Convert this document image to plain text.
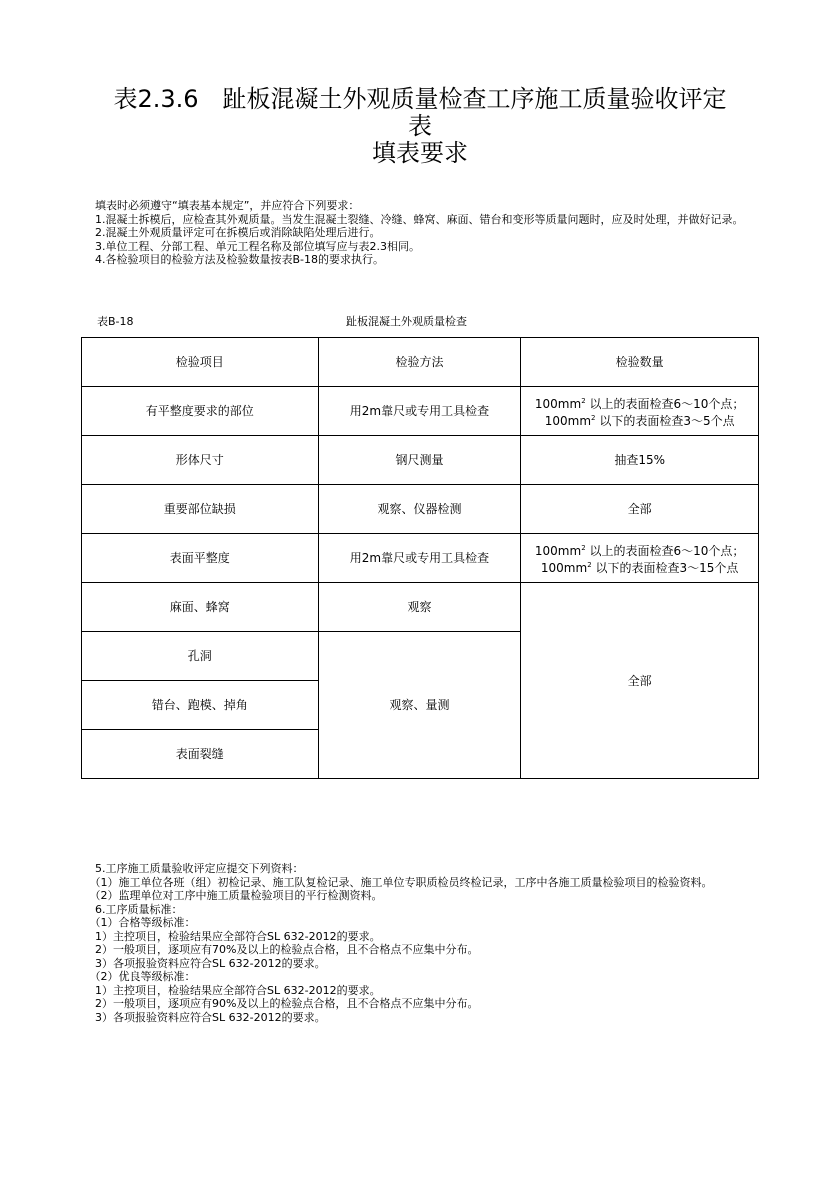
表2.3.6　趾板混凝土外观质量检查工序施工质量验收评定
表
填表要求
　填表时必须遵守“填表基本规定”，并应符合下列要求：
　1.混凝土拆模后，应检查其外观质量。当发生混凝土裂缝、冷缝、蜂窝、麻面、错台和变形等质量问题时，应及时处理，并做好记录。
　2.混凝土外观质量评定可在拆模后或消除缺陷处理后进行。
　3.单位工程、分部工程、单元工程名称及部位填写应与表2.3相同。
　4.各检验项目的检验方法及检验数量按表B-18的要求执行。
表B-18	趾板混凝土外观质量检查
检验项目	检验方法	检验数量
有平整度要求的部位	用2m靠尺或专用工具检查	$100mm^2$ 以上的表面检查6～10个点；
$100mm^2$ 以下的表面检查3～5个点
形体尺寸	钢尺测量	抽查15%
重要部位缺损	观察、仪器检测	全部
表面平整度	用2m靠尺或专用工具检查	$100mm^2$ 以上的表面检查6～10个点；
$100mm^2$ 以下的表面检查3～15个点
麻面、蜂窝	观察	全部
孔洞	观察、量测	
错台、跑模、掉角		
表面裂缝		
　5.工序施工质量验收评定应提交下列资料：
　（1）施工单位各班（组）初检记录、施工队复检记录、施工单位专职质检员终检记录，工序中各施工质量检验项目的检验资料。
　（2）监理单位对工序中施工质量检验项目的平行检测资料。
　6.工序质量标准：
　（1）合格等级标准：
　1）主控项目，检验结果应全部符合SL 632-2012的要求。
　2）一般项目，逐项应有70%及以上的检验点合格，且不合格点不应集中分布。
　3）各项报验资料应符合SL 632-2012的要求。
　（2）优良等级标准：
　1）主控项目，检验结果应全部符合SL 632-2012的要求。
　2）一般项目，逐项应有90%及以上的检验点合格，且不合格点不应集中分布。
　3）各项报验资料应符合SL 632-2012的要求。
